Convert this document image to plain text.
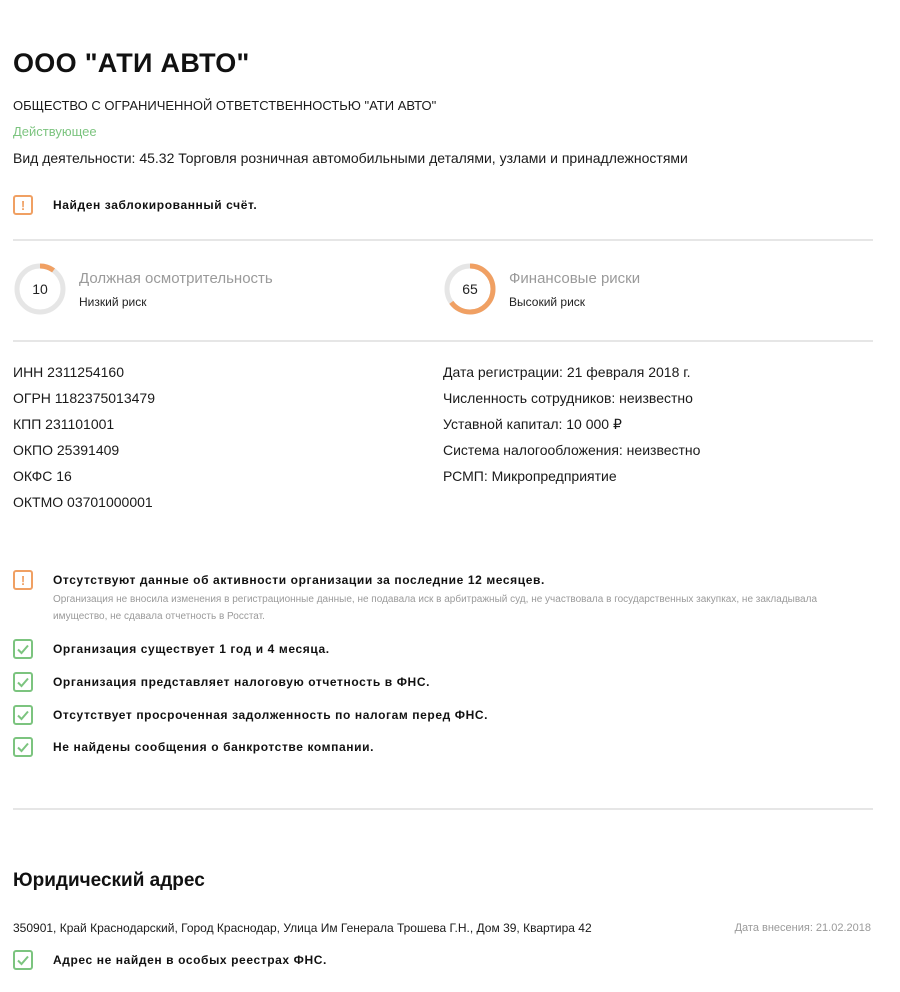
ООО "АТИ АВТО"
ОБЩЕСТВО С ОГРАНИЧЕННОЙ ОТВЕТСТВЕННОСТЬЮ "АТИ АВТО"
Действующее
Вид деятельности: 45.32 Торговля розничная автомобильными деталями, узлами и принадлежностями
!	Найден заблокированный счёт.
10
Должная осмотрительность
Низкий риск
65
Финансовые риски
Высокий риск
ИНН 2311254160
ОГРН 1182375013479
КПП 231101001
ОКПО 25391409
ОКФС 16
ОКТМО 03701000001
Дата регистрации: 21 февраля 2018 г.
Численность сотрудников: неизвестно
Уставной капитал: 10 000 ₽
Система налогообложения: неизвестно
РСМП: Микропредприятие
!	Отсутствуют данные об активности организации за последние 12 месяцев.
Организация не вносила изменения в регистрационные данные, не подавала иск в арбитражный суд, не участвовала в государственных закупках, не закладывала имущество, не сдавала отчетность в Росстат.
Организация существует 1 год и 4 месяца.
Организация представляет налоговую отчетность в ФНС.
Отсутствует просроченная задолженность по налогам перед ФНС.
Не найдены сообщения о банкротстве компании.
Юридический адрес
350901, Край Краснодарский, Город Краснодар, Улица Им Генерала Трошева Г.Н., Дом 39, Квартира 42	Дата внесения: 21.02.2018
Адрес не найден в особых реестрах ФНС.
